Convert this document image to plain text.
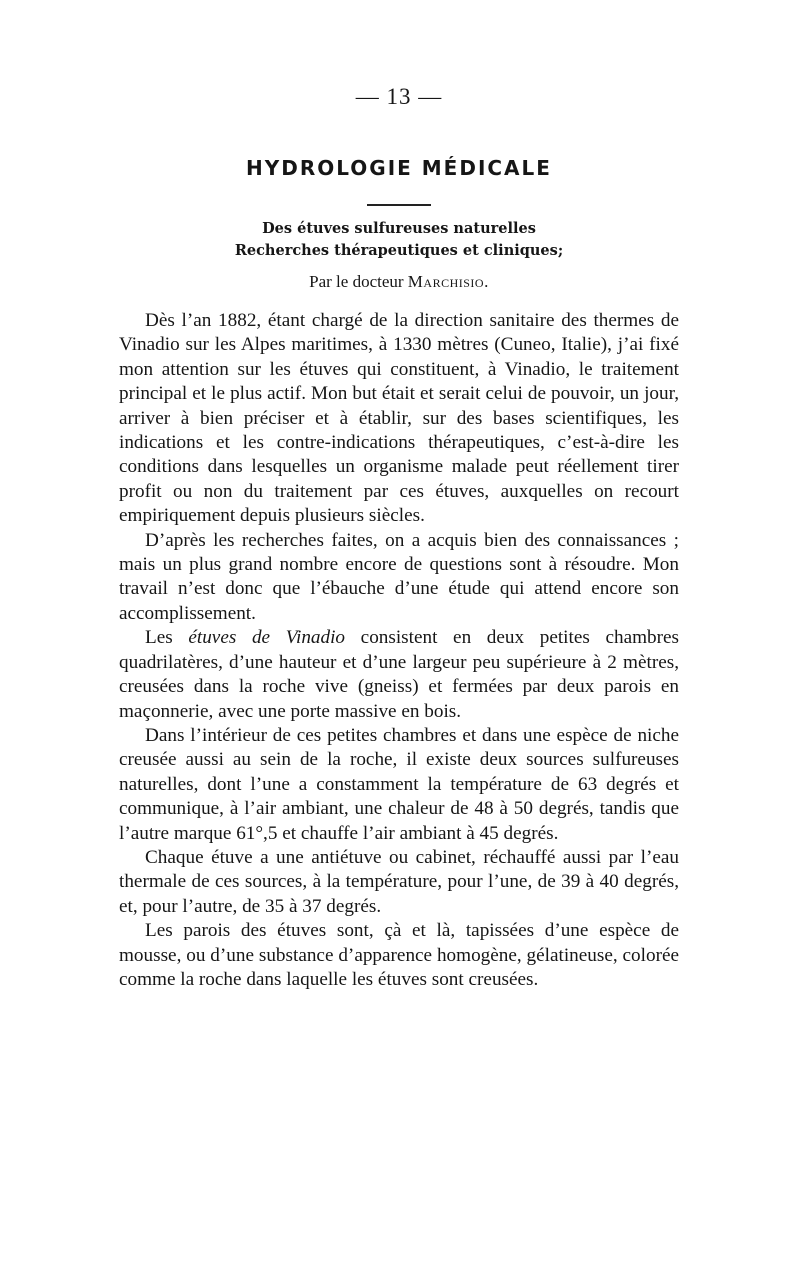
— 13 —

HYDROLOGIE MÉDICALE
Des étuves sulfureuses naturelles
Recherches thérapeutiques et cliniques;

Par le docteur Marchisio.

Dès l’an 1882, étant chargé de la direction sanitaire des thermes de Vinadio sur les Alpes maritimes, à 1330 mètres (Cuneo, Italie), j’ai fixé mon attention sur les étuves qui constituent, à Vinadio, le traitement principal et le plus actif. Mon but était et serait celui de pouvoir, un jour, arriver à bien préciser et à établir, sur des bases scientifiques, les indications et les contre-indications thérapeutiques, c’est-à-dire les conditions dans lesquelles un organisme malade peut réellement tirer profit ou non du traitement par ces étuves, auxquelles on recourt empiriquement depuis plusieurs siècles.

D’après les recherches faites, on a acquis bien des connaissances ; mais un plus grand nombre encore de questions sont à résoudre. Mon travail n’est donc que l’ébauche d’une étude qui attend encore son accomplissement.

Les étuves de Vinadio consistent en deux petites chambres quadrilatères, d’une hauteur et d’une largeur peu supérieure à 2 mètres, creusées dans la roche vive (gneiss) et fermées par deux parois en maçonnerie, avec une porte massive en bois.

Dans l’intérieur de ces petites chambres et dans une espèce de niche creusée aussi au sein de la roche, il existe deux sources sulfureuses naturelles, dont l’une a constamment la température de 63 degrés et communique, à l’air ambiant, une chaleur de 48 à 50 degrés, tandis que l’autre marque 61°,5 et chauffe l’air ambiant à 45 degrés.

Chaque étuve a une antiétuve ou cabinet, réchauffé aussi par l’eau thermale de ces sources, à la température, pour l’une, de 39 à 40 degrés, et, pour l’autre, de 35 à 37 degrés.

Les parois des étuves sont, çà et là, tapissées d’une espèce de mousse, ou d’une substance d’apparence homogène, gélatineuse, colorée comme la roche dans laquelle les étuves sont creusées.
